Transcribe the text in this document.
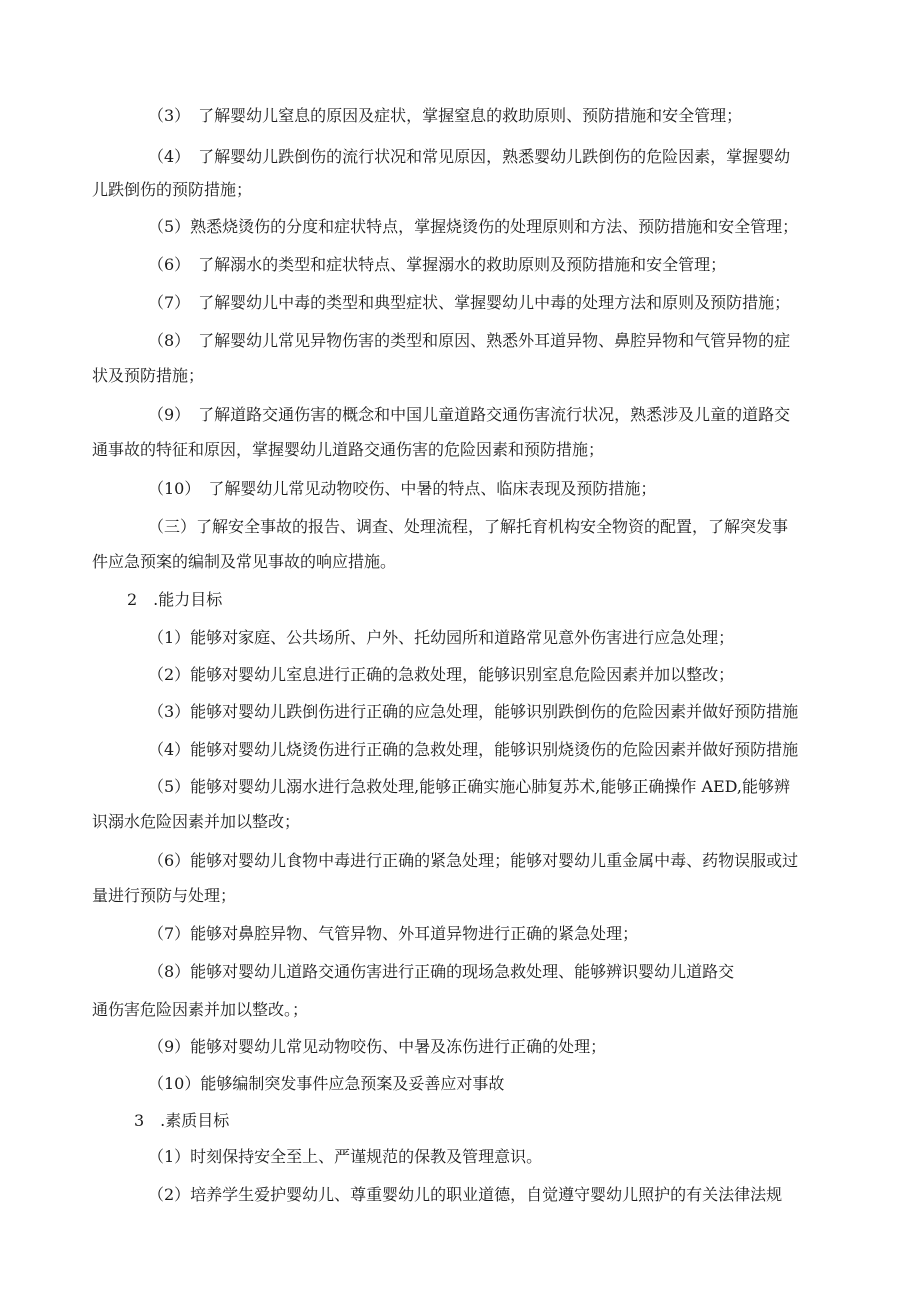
（3）　了解婴幼儿窒息的原因及症状，掌握窒息的救助原则、预防措施和安全管理；

（4）　了解婴幼儿跌倒伤的流行状况和常见原因，熟悉婴幼儿跌倒伤的危险因素，掌握婴幼

儿跌倒伤的预防措施；

（5）熟悉烧烫伤的分度和症状特点，掌握烧烫伤的处理原则和方法、预防措施和安全管理；

（6）　了解溺水的类型和症状特点、掌握溺水的救助原则及预防措施和安全管理；

（7）　了解婴幼儿中毒的类型和典型症状、掌握婴幼儿中毒的处理方法和原则及预防措施；

（8）　了解婴幼儿常见异物伤害的类型和原因、熟悉外耳道异物、鼻腔异物和气管异物的症

状及预防措施；

（9）　了解道路交通伤害的概念和中国儿童道路交通伤害流行状况，熟悉涉及儿童的道路交

通事故的特征和原因，掌握婴幼儿道路交通伤害的危险因素和预防措施；

（10）　了解婴幼儿常见动物咬伤、中暑的特点、临床表现及预防措施；

（三）了解安全事故的报告、调查、处理流程，了解托育机构安全物资的配置，了解突发事

件应急预案的编制及常见事故的响应措施。

2　.能力目标

（1）能够对家庭、公共场所、户外、托幼园所和道路常见意外伤害进行应急处理；

（2）能够对婴幼儿室息进行正确的急救处理，能够识别室息危险因素并加以整改；

（3）能够对婴幼儿跌倒伤进行正确的应急处理，能够识别跌倒伤的危险因素并做好预防措施

（4）能够对婴幼儿烧烫伤进行正确的急救处理，能够识别烧烫伤的危险因素并做好预防措施

（5）能够对婴幼儿溺水进行急救处理,能够正确实施心肺复苏术,能够正确操作 AED,能够辨

识溺水危险因素并加以整改；

（6）能够对婴幼儿食物中毒进行正确的紧急处理；能够对婴幼儿重金属中毒、药物误服或过

量进行预防与处理；

（7）能够对鼻腔异物、气管异物、外耳道异物进行正确的紧急处理；

（8）能够对婴幼儿道路交通伤害进行正确的现场急救处理、能够辨识婴幼儿道路交

通伤害危险因素并加以整改。；

（9）能够对婴幼儿常见动物咬伤、中暑及冻伤进行正确的处理；

（10）能够编制突发事件应急预案及妥善应对事故

3　.素质目标

（1）时刻保持安全至上、严谨规范的保教及管理意识。

（2）培养学生爱护婴幼儿、尊重婴幼儿的职业道德，自觉遵守婴幼儿照护的有关法律法规
